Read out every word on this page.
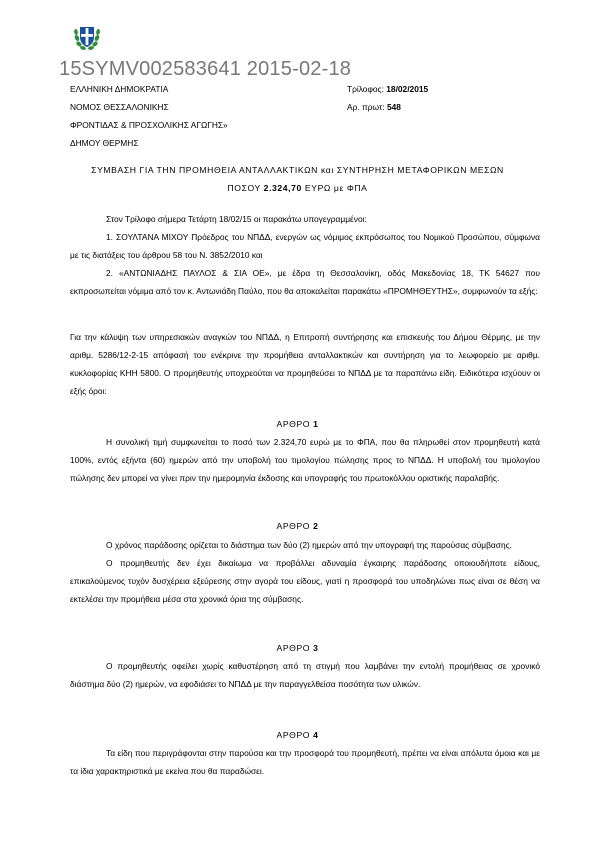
15SYMV002583641 2015-02-18
ΕΛΛΗΝΙΚΗ ΔΗΜΟΚΡΑΤΙΑ
ΝΟΜΟΣ ΘΕΣΣΑΛΟΝΙΚΗΣ
ΦΡΟΝΤΙΔΑΣ & ΠΡΟΣΧΟΛΙΚΗΣ ΑΓΩΓΗΣ»
ΔΗΜΟΥ ΘΕΡΜΗΣ
Τρίλοφος: 18/02/2015
Αρ. πρωτ: 548
ΣΥΜΒΑΣΗ ΓΙΑ ΤΗΝ ΠΡΟΜΗΘΕΙΑ ΑΝΤΑΛΛΑΚΤΙΚΩΝ και ΣΥΝΤΗΡΗΣΗ ΜΕΤΑΦΟΡΙΚΩΝ ΜΕΣΩΝ
ΠΟΣΟΥ 2.324,70 ΕΥΡΩ με ΦΠΑ

Στον Τρίλοφο σήμερα Τετάρτη 18/02/15 οι παρακάτω υπογεγραμμένοι:

1. ΣΟΥΛΤΑΝΑ ΜΙΧΟΥ Πρόεδρος του ΝΠΔΔ, ενεργών ως νόμιμος εκπρόσωπος του Νομικού Προσώπου, σύμφωνα με τις διατάξεις του άρθρου 58 του Ν. 3852/2010 και

2. «ΑΝΤΩΝΙΑΔΗΣ ΠΑΥΛΟΣ & ΣΙΑ ΟΕ», με έδρα τη Θεσσαλονίκη, οδός Μακεδονίας 18, ΤΚ 54627 που εκπροσωπείται νόμιμα από τον κ. Αντωνιάδη Παύλο, που θα αποκαλείται παρακάτω «ΠΡΟΜΗΘΕΥΤΗΣ», συμφωνούν τα εξής:

Για την κάλυψη των υπηρεσιακών αναγκών του ΝΠΔΔ, η Επιτροπή συντήρησης και επισκευής του Δήμου Θέρμης, με την αριθμ. 5286/12-2-15 απόφασή του ενέκρινε την προμήθεια ανταλλακτικών και συντήρηση για το λεωφορείο με αριθμ. κυκλοφορίας ΚΗΗ 5800. Ο προμηθευτής υποχρεούται να προμηθεύσει το ΝΠΔΔ με τα παραπάνω είδη. Ειδικότερα ισχύουν οι εξής όροι:

ΑΡΘΡΟ 1

Η συνολική τιμή συμφωνείται το ποσό των 2.324,70 ευρώ με το ΦΠΑ, που θα πληρωθεί στον προμηθευτή κατά 100%, εντός εξήντα (60) ημερών από την υποβολή του τιμολογίου πώλησης προς το ΝΠΔΔ. Η υποβολή του τιμολογίου πώλησης δεν μπορεί να γίνει πριν την ημερομηνία έκδοσης και υπογραφής του πρωτοκόλλου οριστικής παραλαβής.

ΑΡΘΡΟ 2

Ο χρόνος παράδοσης ορίζεται το διάστημα των δύο (2) ημερών από την υπογραφή της παρούσας σύμβασης.

Ο προμηθευτής δεν έχει δικαίωμα να προβάλλει αδυναμία έγκαιρης παράδοσης οποιουδήποτε είδους, επικαλούμενος τυχόν δυσχέρεια εξεύρεσης στην αγορά του είδους, γιατί η προσφορά του υποδηλώνει πως είναι σε θέση να εκτελέσει την προμήθεια μέσα στα χρονικά όρια της σύμβασης.

ΑΡΘΡΟ 3

Ο προμηθευτής οφείλει χωρίς καθυστέρηση από τη στιγμή που λαμβάνει την εντολή προμήθειας σε χρονικό διάστημα δύο (2) ημερών, να εφοδιάσει το ΝΠΔΔ με την παραγγελθείσα ποσότητα των υλικών.

ΑΡΘΡΟ 4

Τα είδη που περιγράφονται στην παρούσα και την προσφορά του προμηθευτή, πρέπει να είναι απόλυτα όμοια και με τα ίδια χαρακτηριστικά με εκείνα που θα παραδώσει.
